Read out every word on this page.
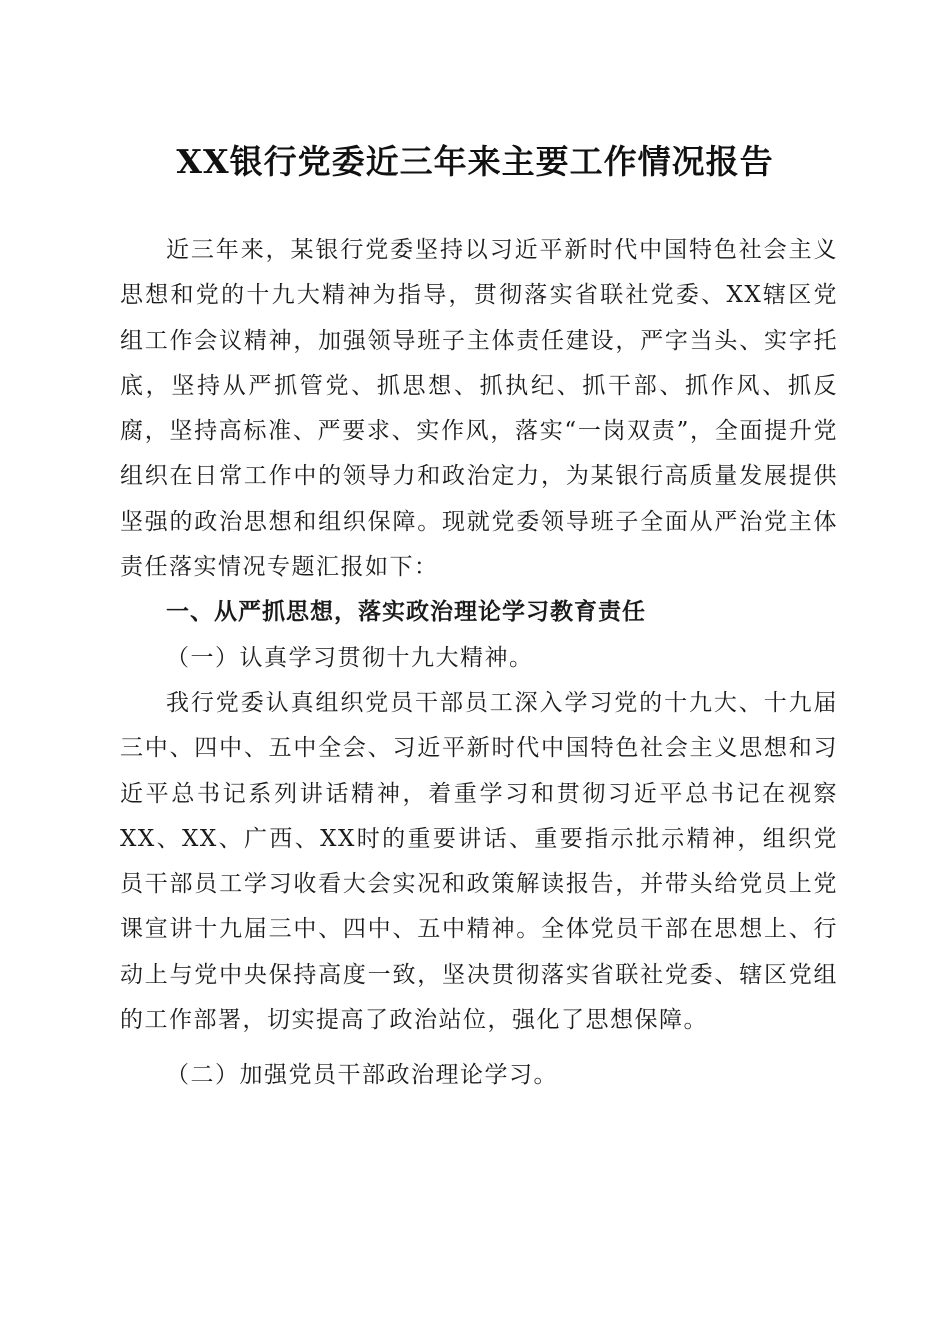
XX银行党委近三年来主要工作情况报告

近三年来，某银行党委坚持以习近平新时代中国特色社会主义思想和党的十九大精神为指导，贯彻落实省联社党委、XX辖区党组工作会议精神，加强领导班子主体责任建设，严字当头、实字托底，坚持从严抓管党、抓思想、抓执纪、抓干部、抓作风、抓反腐，坚持高标准、严要求、实作风，落实“一岗双责”，全面提升党组织在日常工作中的领导力和政治定力，为某银行高质量发展提供坚强的政治思想和组织保障。现就党委领导班子全面从严治党主体责任落实情况专题汇报如下：

一、从严抓思想，落实政治理论学习教育责任

（一）认真学习贯彻十九大精神。

我行党委认真组织党员干部员工深入学习党的十九大、十九届三中、四中、五中全会、习近平新时代中国特色社会主义思想和习近平总书记系列讲话精神，着重学习和贯彻习近平总书记在视察XX、XX、广西、XX时的重要讲话、重要指示批示精神，组织党员干部员工学习收看大会实况和政策解读报告，并带头给党员上党课宣讲十九届三中、四中、五中精神。全体党员干部在思想上、行动上与党中央保持高度一致，坚决贯彻落实省联社党委、辖区党组的工作部署，切实提高了政治站位，强化了思想保障。

（二）加强党员干部政治理论学习。
